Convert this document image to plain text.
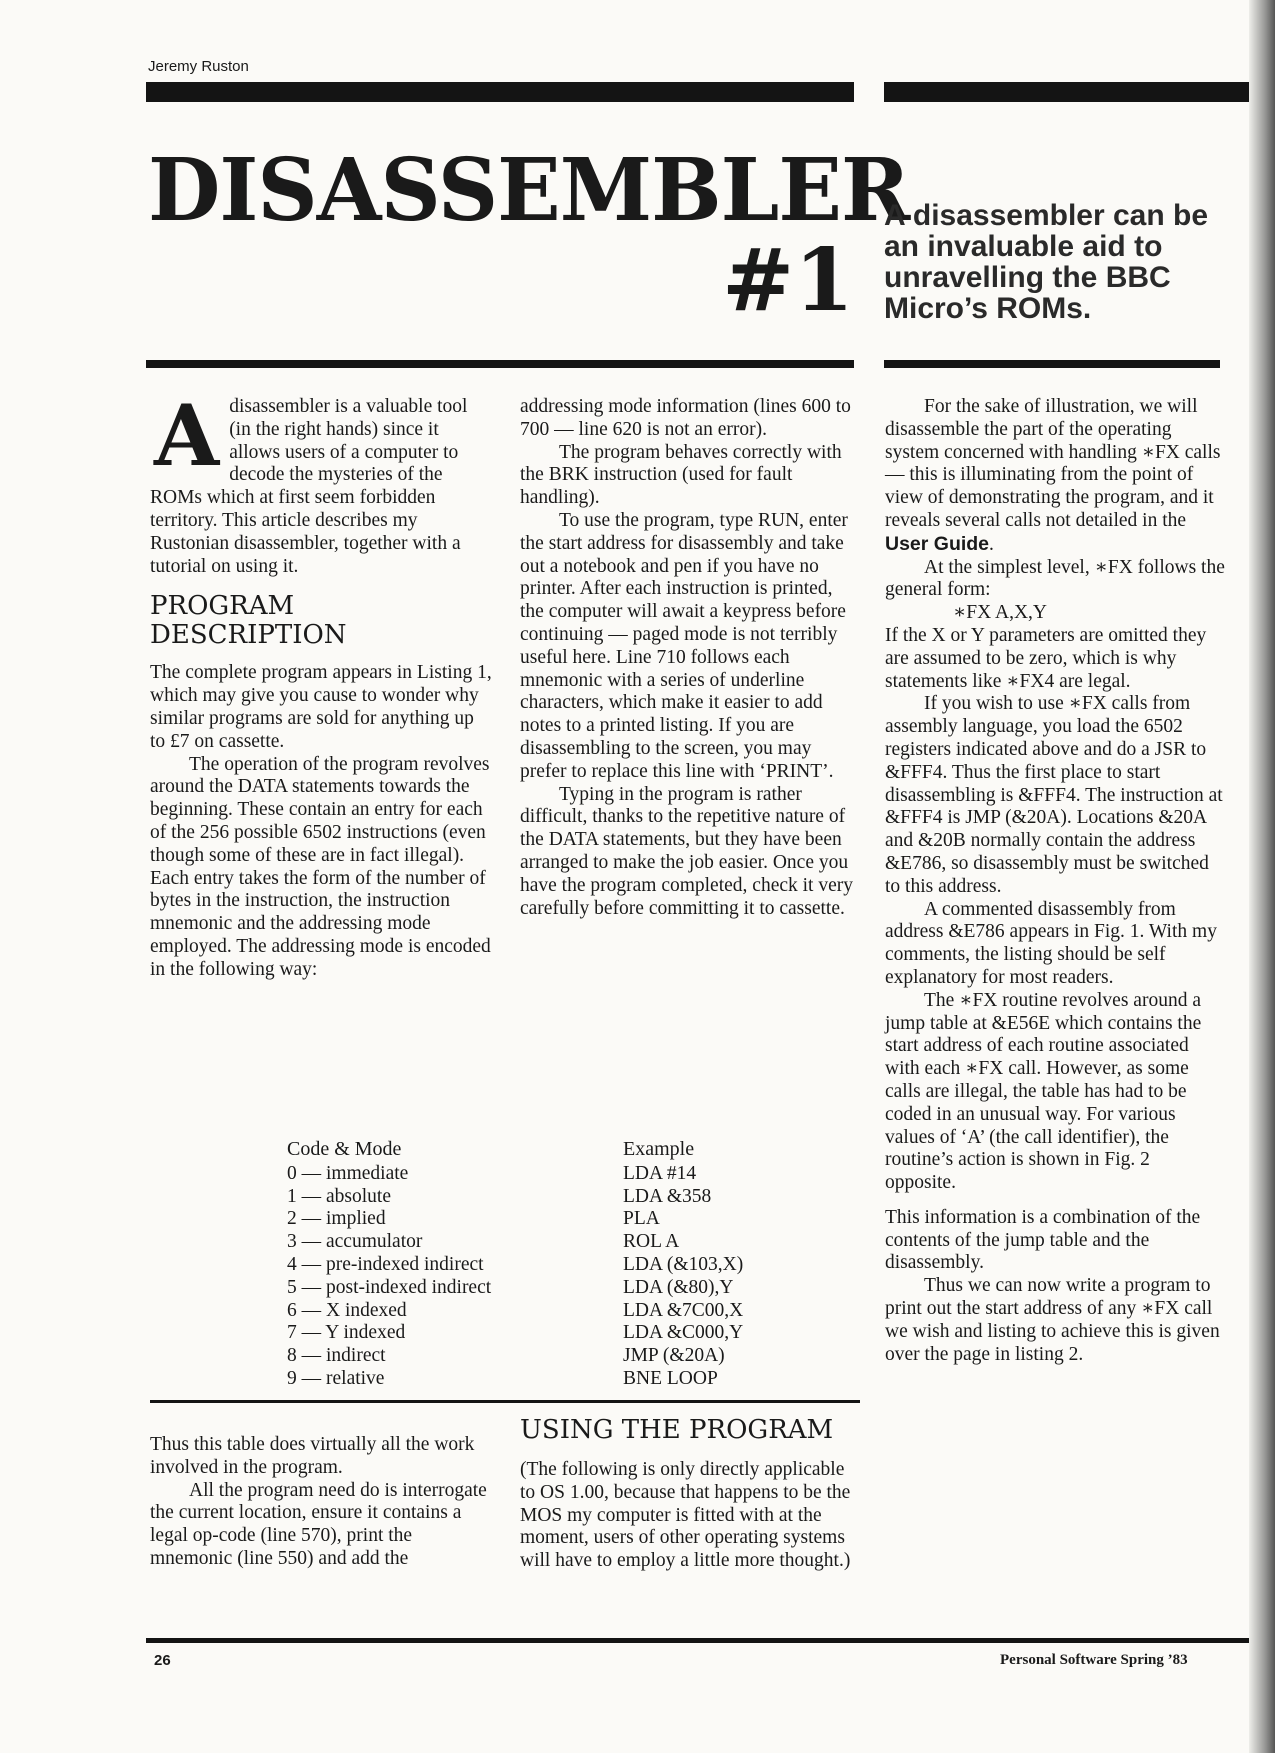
Jeremy Ruston
DISASSEMBLER
#1
A disassembler can be an invaluable aid to unravelling the BBC Micro’s ROMs.
A disassembler is a valuable tool (in the right hands) since it allows users of a computer to decode the mysteries of the ROMs which at first seem forbidden territory. This article describes my Rustonian disassembler, together with a tutorial on using it.

PROGRAM DESCRIPTION

The complete program appears in Listing 1, which may give you cause to wonder why similar programs are sold for anything up to £7 on cassette.

The operation of the program revolves around the DATA statements towards the beginning. These contain an entry for each of the 256 possible 6502 instructions (even though some of these are in fact illegal). Each entry takes the form of the number of bytes in the instruction, the instruction mnemonic and the addressing mode employed. The addressing mode is encoded in the following way:

addressing mode information (lines 600 to 700 — line 620 is not an error).

The program behaves correctly with the BRK instruction (used for fault handling).

To use the program, type RUN, enter the start address for disassembly and take out a notebook and pen if you have no printer. After each instruction is printed, the computer will await a keypress before continuing — paged mode is not terribly useful here. Line 710 follows each mnemonic with a series of underline characters, which make it easier to add notes to a printed listing. If you are disassembling to the screen, you may prefer to replace this line with ‘PRINT’.

Typing in the program is rather difficult, thanks to the repetitive nature of the DATA statements, but they have been arranged to make the job easier. Once you have the program completed, check it very carefully before committing it to cassette.

For the sake of illustration, we will disassemble the part of the operating system concerned with handling ∗FX calls — this is illuminating from the point of view of demonstrating the program, and it reveals several calls not detailed in the User Guide.

At the simplest level, ∗FX follows the general form:

∗FX A,X,Y

If the X or Y parameters are omitted they are assumed to be zero, which is why statements like ∗FX4 are legal.

If you wish to use ∗FX calls from assembly language, you load the 6502 registers indicated above and do a JSR to &FFF4. Thus the first place to start disassembling is &FFF4. The instruction at &FFF4 is JMP (&20A). Locations &20A and &20B normally contain the address &E786, so disassembly must be switched to this address.

A commented disassembly from address &E786 appears in Fig. 1. With my comments, the listing should be self explanatory for most readers.

The ∗FX routine revolves around a jump table at &E56E which contains the start address of each routine associated with each ∗FX call. However, as some calls are illegal, the table has had to be coded in an unusual way. For various values of ‘A’ (the call identifier), the routine’s action is shown in Fig. 2 opposite.

This information is a combination of the contents of the jump table and the disassembly.

Thus we can now write a program to print out the start address of any ∗FX call we wish and listing to achieve this is given over the page in listing 2.

Code & Mode	Example
0 — immediate	LDA #14
1 — absolute	LDA &358
2 — implied	PLA
3 — accumulator	ROL A
4 — pre-indexed indirect	LDA (&103,X)
5 — post-indexed indirect	LDA (&80),Y
6 — X indexed	LDA &7C00,X
7 — Y indexed	LDA &C000,Y
8 — indirect	JMP (&20A)
9 — relative	BNE LOOP

Thus this table does virtually all the work involved in the program.

All the program need do is interrogate the current location, ensure it contains a legal op-code (line 570), print the mnemonic (line 550) and add the

USING THE PROGRAM

(The following is only directly applicable to OS 1.00, because that happens to be the MOS my computer is fitted with at the moment, users of other operating systems will have to employ a little more thought.)

26	Personal Software Spring ’83
